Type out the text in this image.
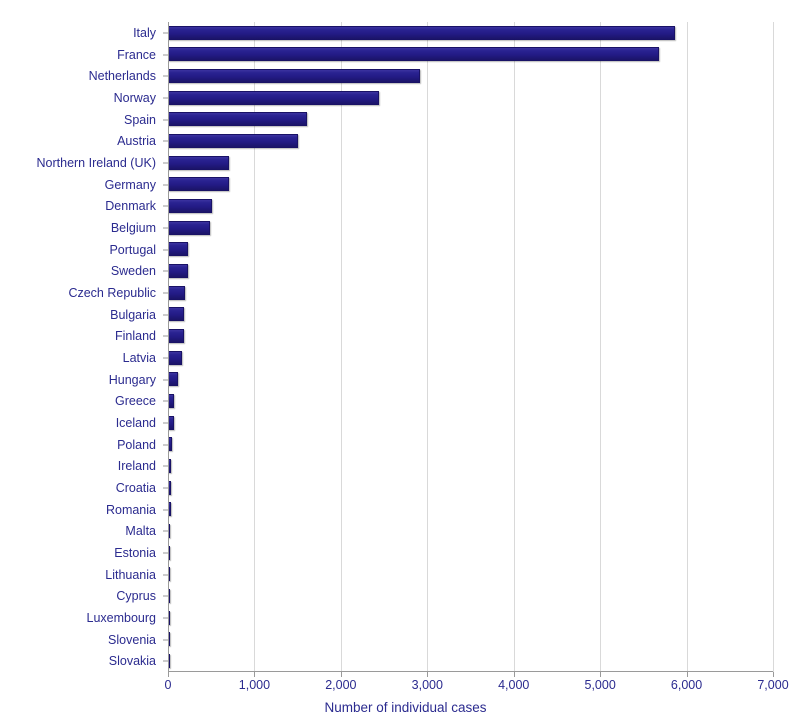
Italy
France
Netherlands
Norway
Spain
Austria
Northern Ireland (UK)
Germany
Denmark
Belgium
Portugal
Sweden
Czech Republic
Bulgaria
Finland
Latvia
Hungary
Greece
Iceland
Poland
Ireland
Croatia
Romania
Malta
Estonia
Lithuania
Cyprus
Luxembourg
Slovenia
Slovakia
0	1,000	2,000	3,000	4,000	5,000	6,000	7,000
Number of individual cases
